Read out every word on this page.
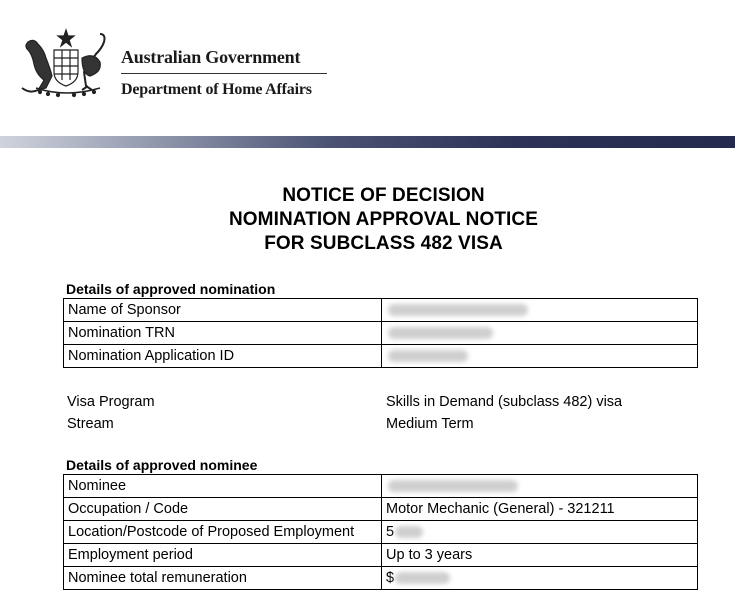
Australian Government
Department of Home Affairs
NOTICE OF DECISION
NOMINATION APPROVAL NOTICE
FOR SUBCLASS 482 VISA
Details of approved nomination
Name of Sponsor	
Nomination TRN	
Nomination Application ID	
Visa Program	Skills in Demand (subclass 482) visa
Stream	Medium Term
Details of approved nominee
Nominee	
Occupation / Code	Motor Mechanic (General) - 321211
Location/Postcode of Proposed Employment	5
Employment period	Up to 3 years
Nominee total remuneration	$
